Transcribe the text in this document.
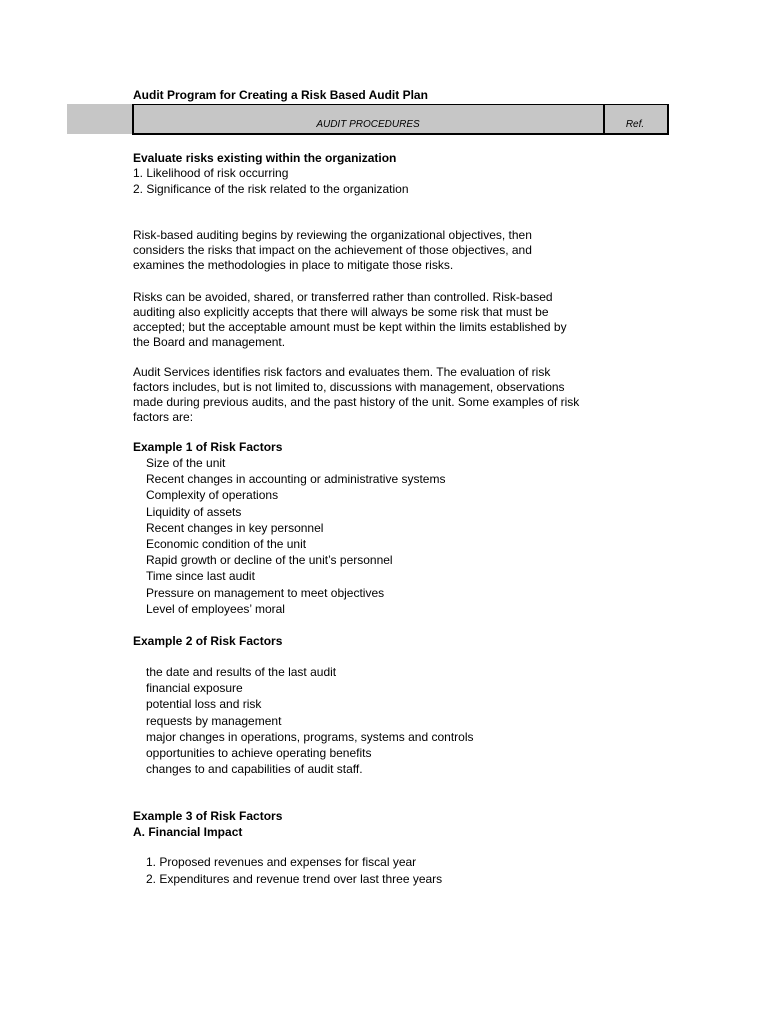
Audit Program for Creating a Risk Based Audit Plan
AUDIT PROCEDURES	Ref.
Evaluate risks existing within the organization
1. Likelihood of risk occurring
2. Significance of the risk related to the organization
Risk-based auditing begins by reviewing the organizational objectives, then
considers the risks that impact on the achievement of those objectives, and
examines the methodologies in place to mitigate those risks.
Risks can be avoided, shared, or transferred rather than controlled. Risk-based
auditing also explicitly accepts that there will always be some risk that must be
accepted; but the acceptable amount must be kept within the limits established by
the Board and management.
Audit Services identifies risk factors and evaluates them. The evaluation of risk
factors includes, but is not limited to, discussions with management, observations
made during previous audits, and the past history of the unit. Some examples of risk
factors are:
Example 1 of Risk Factors
Size of the unit
Recent changes in accounting or administrative systems
Complexity of operations
Liquidity of assets
Recent changes in key personnel
Economic condition of the unit
Rapid growth or decline of the unit’s personnel
Time since last audit
Pressure on management to meet objectives
Level of employees’ moral
Example 2 of Risk Factors
the date and results of the last audit
financial exposure
potential loss and risk
requests by management
major changes in operations, programs, systems and controls
opportunities to achieve operating benefits
changes to and capabilities of audit staff.
Example 3 of Risk Factors
A. Financial Impact
1. Proposed revenues and expenses for fiscal year
2. Expenditures and revenue trend over last three years
